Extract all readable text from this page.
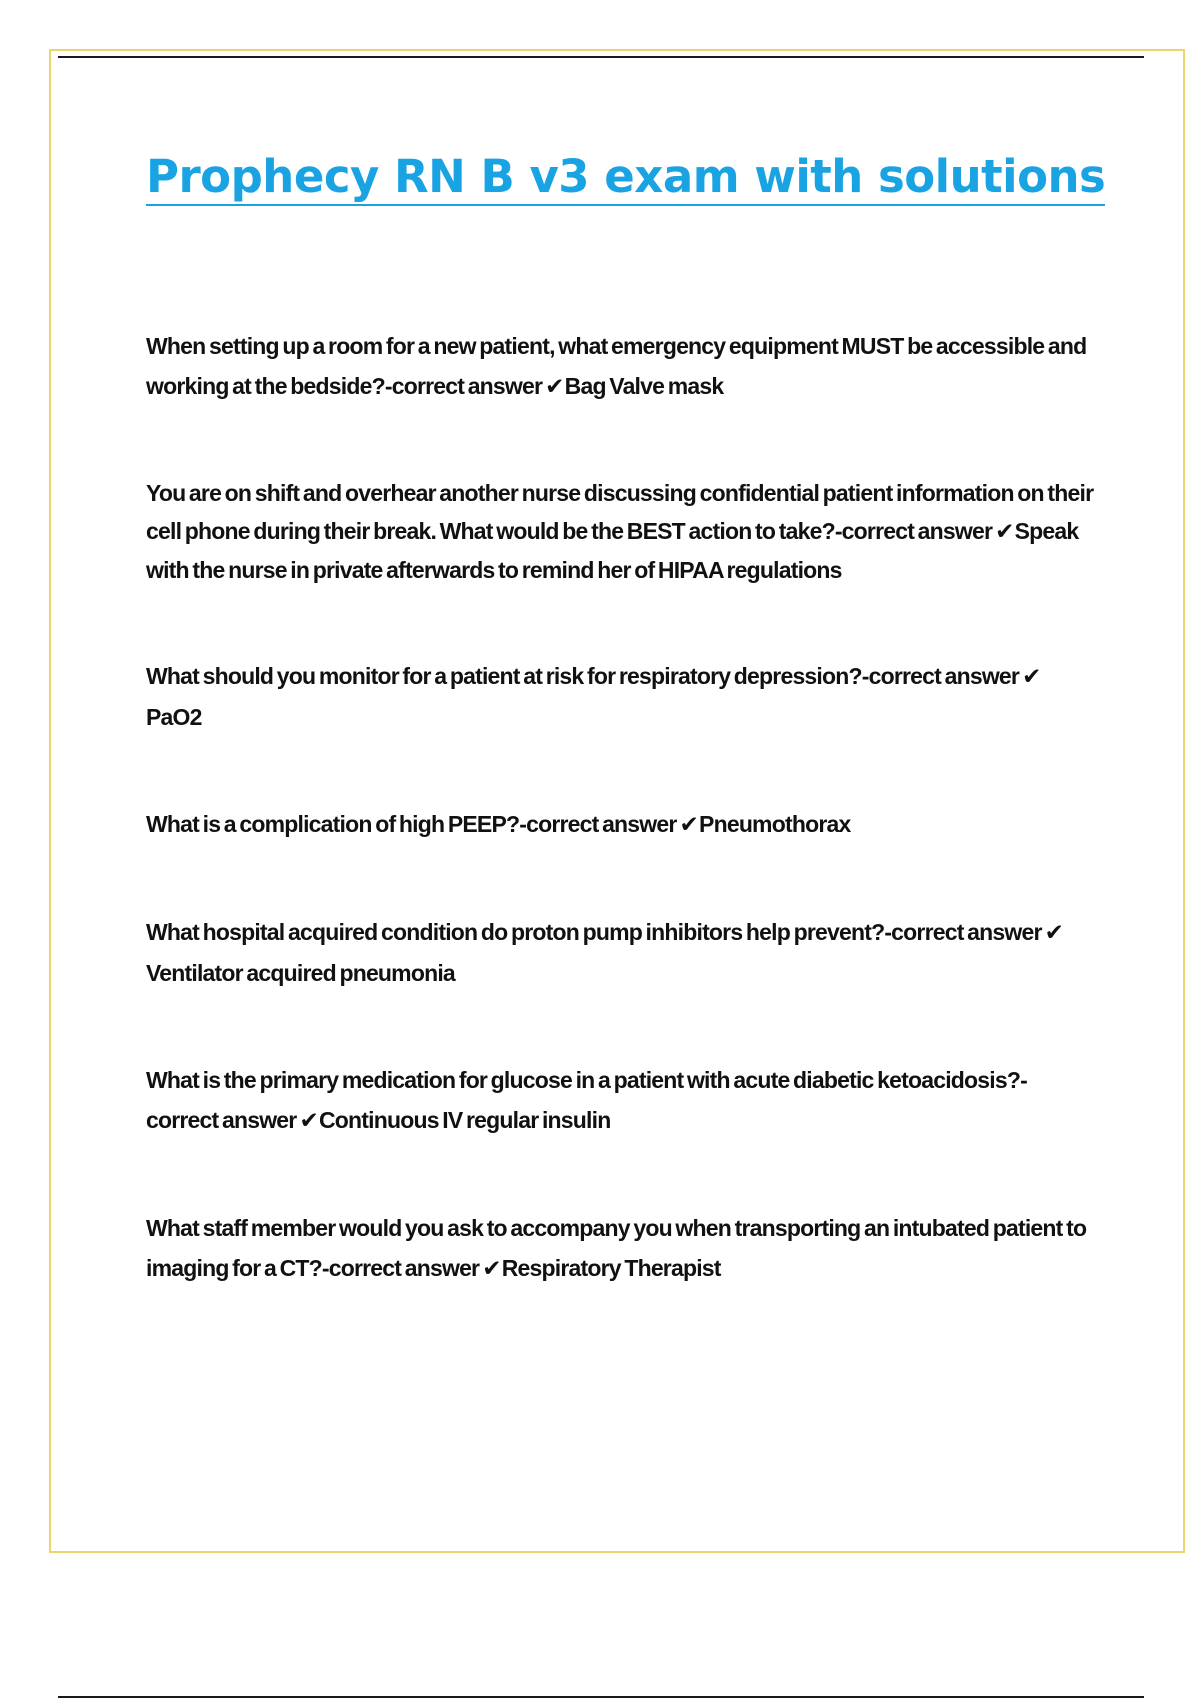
Prophecy RN B v3 exam with solutions
When setting up a room for a new patient, what emergency equipment MUST be accessible and working at the bedside?-correct answer ✔Bag Valve mask
You are on shift and overhear another nurse discussing confidential patient information on their cell phone during their break. What would be the BEST action to take?-correct answer ✔Speak with the nurse in private afterwards to remind her of HIPAA regulations
What should you monitor for a patient at risk for respiratory depression?-correct answer ✔PaO2
What is a complication of high PEEP?-correct answer ✔Pneumothorax
What hospital acquired condition do proton pump inhibitors help prevent?-correct answer ✔Ventilator acquired pneumonia
What is the primary medication for glucose in a patient with acute diabetic ketoacidosis?-correct answer ✔Continuous IV regular insulin
What staff member would you ask to accompany you when transporting an intubated patient to imaging for a CT?-correct answer ✔Respiratory Therapist
